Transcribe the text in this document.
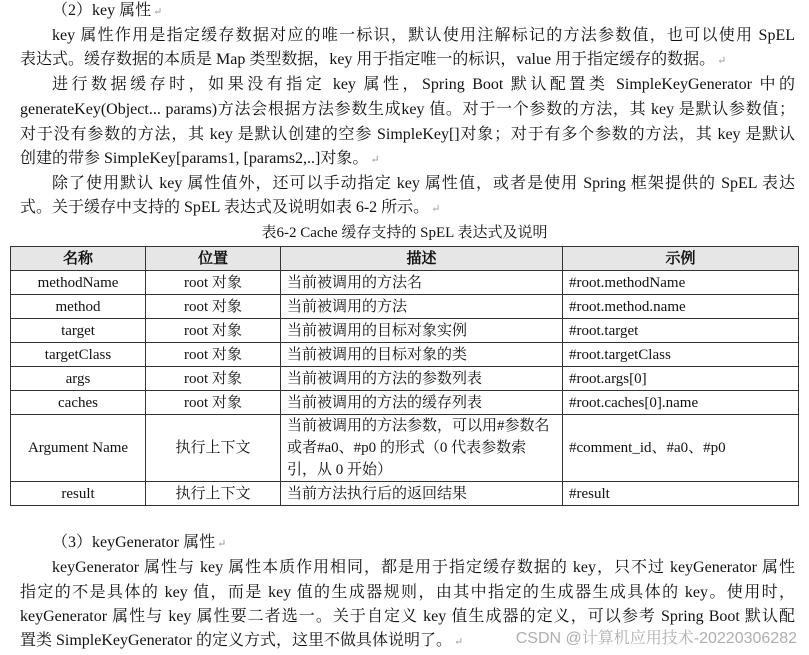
（2）key 属性 ↵
key 属性作用是指定缓存数据对应的唯一标识，默认使用注解标记的方法参数值，也可以使用 SpEL
表达式。缓存数据的本质是 Map 类型数据，key 用于指定唯一的标识，value 用于指定缓存的数据。 ↵
进行数据缓存时，如果没有指定 key 属性，Spring Boot 默认配置类 SimpleKeyGenerator 中的
generateKey(Object... params)方法会根据方法参数生成key 值。对于一个参数的方法，其 key 是默认参数值；
对于没有参数的方法，其 key 是默认创建的空参 SimpleKey[]对象；对于有多个参数的方法，其 key 是默认
创建的带参 SimpleKey[params1, [params2,..]对象。 ↵
除了使用默认 key 属性值外，还可以手动指定 key 属性值，或者是使用 Spring 框架提供的 SpEL 表达
式。关于缓存中支持的 SpEL 表达式及说明如表 6-2 所示。 ↵
表6-2 Cache 缓存支持的 SpEL 表达式及说明
名称	位置	描述	示例
methodName	root 对象	当前被调用的方法名	#root.methodName
method	root 对象	当前被调用的方法	#root.method.name
target	root 对象	当前被调用的目标对象实例	#root.target
targetClass	root 对象	当前被调用的目标对象的类	#root.targetClass
args	root 对象	当前被调用的方法的参数列表	#root.args[0]
caches	root 对象	当前被调用的方法的缓存列表	#root.caches[0].name
Argument Name	执行上下文	当前被调用的方法参数，可以用#参数名或者#a0、#p0 的形式（0 代表参数索引，从 0 开始）	#comment_id、#a0、#p0
result	执行上下文	当前方法执行后的返回结果	#result
（3）keyGenerator 属性 ↵
keyGenerator 属性与 key 属性本质作用相同，都是用于指定缓存数据的 key，只不过 keyGenerator 属性
指定的不是具体的 key 值，而是 key 值的生成器规则，由其中指定的生成器生成具体的 key。使用时，
keyGenerator 属性与 key 属性要二者选一。关于自定义 key 值生成器的定义，可以参考 Spring Boot 默认配
置类 SimpleKeyGenerator 的定义方式，这里不做具体说明了。 ↵	CSDN @计算机应用技术-20220306282
